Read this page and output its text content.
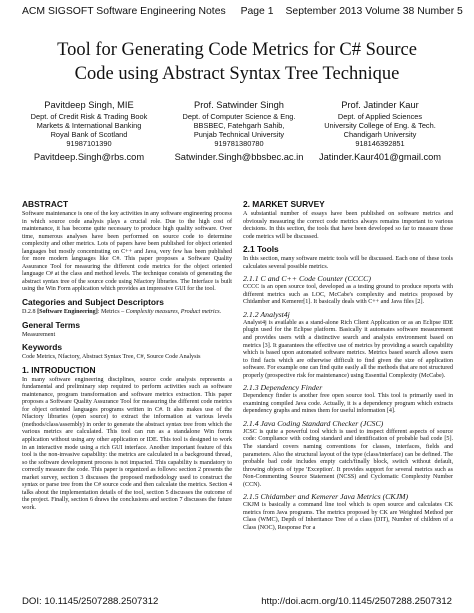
ACM SIGSOFT Software Engineering Notes Page 1	September 2013 Volume 38 Number 5
Tool for Generating Code Metrics for C# Source
Code using Abstract Syntax Tree Technique
Pavitdeep Singh, MIE
Dept. of Credit Risk & Trading Book
Markets & International Banking
Royal Bank of Scotland
91987101390
Pavitdeep.Singh@rbs.com
Prof. Satwinder Singh
Dept. of Computer Science & Eng.
BBSBEC, Fatehgarh Sahib,
Punjab Technical University
919781380780
Satwinder.Singh@bbsbec.ac.in
Prof. Jatinder Kaur
Dept. of Applied Sciences
University College of Eng. & Tech.
Chandigarh University
918146392851
Jatinder.Kaur401@gmail.com
ABSTRACT

Software maintenance is one of the key activities in any software engineering process in which source code analysis plays a crucial role. Due to the high cost of maintenance, it has become quite necessary to produce high quality software. Over time, numerous analyses have been performed on source code to determine complexity and other metrics. Lots of papers have been published for object oriented languages but mostly concentrating on C++ and Java, very few has been published for more modern languages like C#. This paper proposes a Software Quality Assurance Tool for measuring the different code metrics for the object oriented language C# at the class and method levels. The technique consists of generating the abstract syntax tree of the source code using Nfactory libraries. The Interface is built using the Win Form application which provides an impressive GUI for the tool.

Categories and Subject Descriptors

D.2.8 [Software Engineering]: Metrics – Complexity measures, Product metrics.

General Terms

Measurement

Keywords

Code Metrics, Nfactory, Abstract Syntax Tree, C#, Source Code Analysis

1. INTRODUCTION

In many software engineering disciplines, source code analysis represents a fundamental and preliminary step required to perform activities such as software maintenance, program transformation and software metrics extraction. This paper proposes a Software Quality Assurance Tool for measuring the different code metrics for object oriented languages programs written in C#. It also makes use of the Nfactory libraries (open source) to extract the information at various levels (methods/class/assembly) in order to generate the abstract syntax tree from which the various metrics are calculated. This tool can run as a standalone Win forms application without using any other application or IDE. This tool is designed to work in an interactive mode using a rich GUI interface. Another important feature of this tool is the non-invasive capability: the metrics are calculated in a background thread, so the software development process is not impacted. This capability is mandatory to correctly measure the code. This paper is organized as follows: section 2 presents the market survey, section 3 discusses the proposed methodology used to construct the syntax or parse tree from the C# source code and then calculate the metrics. Section 4 talks about the implementation details of the tool, section 5 discusses the outcome of the project. Finally, section 6 draws the conclusions and section 7 discusses the future work.

2. MARKET SURVEY

A substantial number of essays have been published on software metrics and obviously measuring the correct code metrics always remains important to various decisions. In this section, the tools that have been developed so far to measure those code metrics will be discussed.

2.1 Tools

In this section, many software metric tools will be discussed. Each one of these tools calculates several possible metrics.

2.1.1 C and C++ Code Counter (CCCC)

CCCC is an open source tool, developed as a testing ground to produce reports with different metrics such as LOC, McCabe's complexity and metrics proposed by Chidamber and Kemerer[1]. It basically deals with C++ and Java files [2].

2.1.2 Analyst4j

Analyst4j is available as a stand-alone Rich Client Application or as an Eclipse IDE plugin used for the Eclipse platform. Basically it automates software measurement and provides users with a distinctive search and analysis environment based on metrics [3]. It guarantees the effective use of metrics by providing a search capability which is based upon automated software metrics. Metrics based search allows users to find facts which are otherwise difficult to find given the size of application software. For example one can find quite easily all the methods that are not structured properly (prospective risk for maintenance) using Essential Complexity (McCabe).

2.1.3 Dependency Finder

Dependency finder is another free open source tool. This tool is primarily used in examining compiled Java code. Actually, it is a dependency program which extracts dependency graphs and mines them for useful information [4].

2.1.4 Java Coding Standard Checker (JCSC)

JCSC is quite a powerful tool which is used to inspect different aspects of source code: Compliance with coding standard and identification of probable bad code [5]. The standard covers naming conventions for classes, interfaces, fields and parameters. Also the structural layout of the type (class/interface) can be defined. The probable bad code includes empty catch/finally block, switch without default, throwing objects of type 'Exception'. It provides support for several metrics such as Non-Commenting Source Statement (NCSS) and Cyclomatic Complexity Number (CCN).

2.1.5 Chidamber and Kemerer Java Metrics (CKJM)

CKJM is basically a command line tool which is open source and calculates CK metrics from Java programs. The metrics proposed by CK are Weighted Method per Class (WMC), Depth of Inheritance Tree of a class (DIT), Number of children of a Class (NOC), Response For a

DOI: 10.1145/2507288.2507312	http://doi.acm.org/10.1145/2507288.2507312
